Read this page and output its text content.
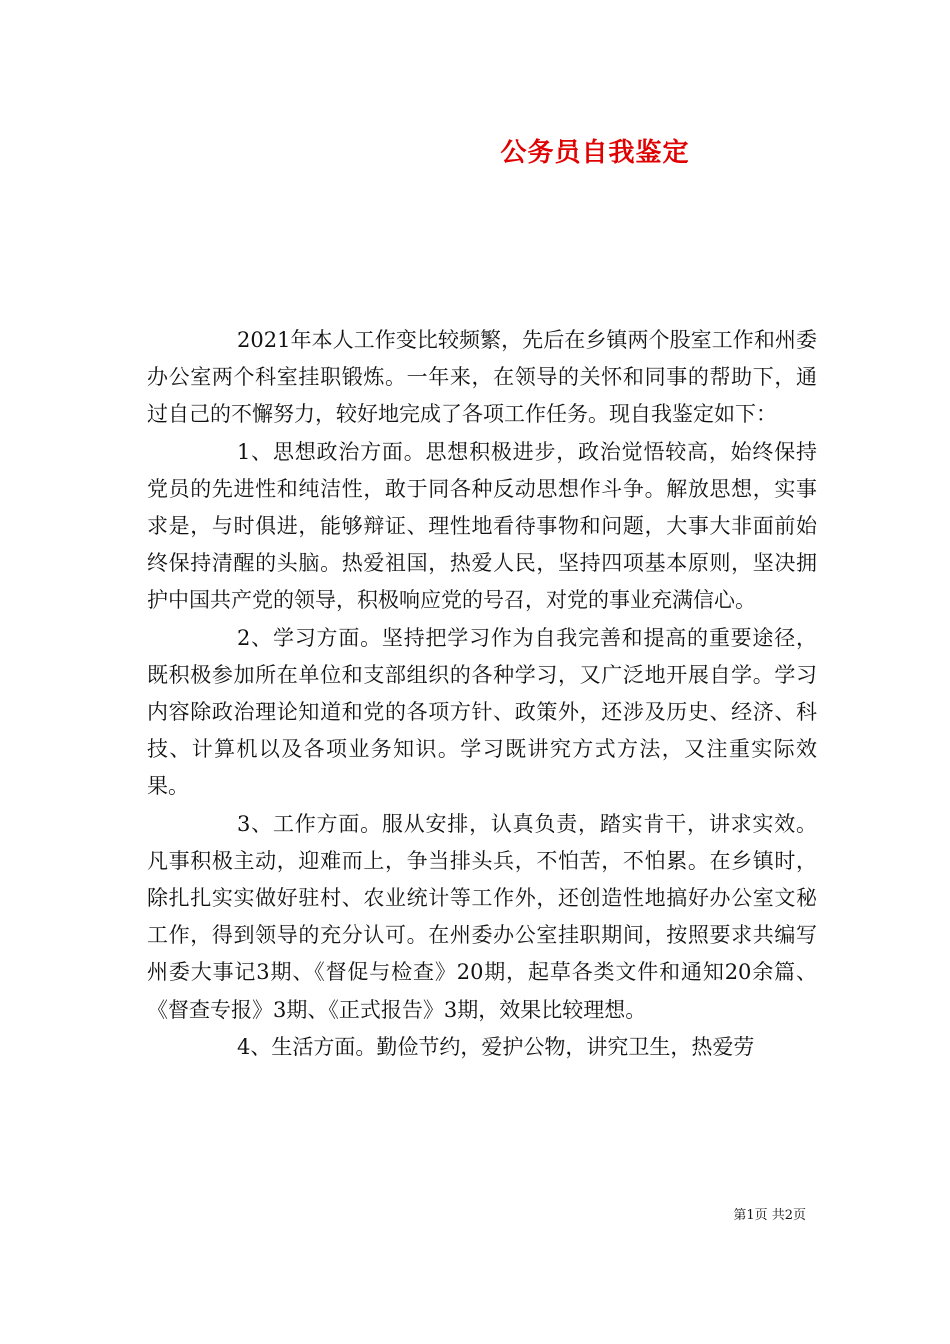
公务员自我鉴定

2021年本人工作变比较频繁，先后在乡镇两个股室工作和州委办公室两个科室挂职锻炼。一年来，在领导的关怀和同事的帮助下，通过自己的不懈努力，较好地完成了各项工作任务。现自我鉴定如下：

1、思想政治方面。思想积极进步，政治觉悟较高，始终保持党员的先进性和纯洁性，敢于同各种反动思想作斗争。解放思想，实事求是，与时俱进，能够辩证、理性地看待事物和问题，大事大非面前始终保持清醒的头脑。热爱祖国，热爱人民，坚持四项基本原则，坚决拥护中国共产党的领导，积极响应党的号召，对党的事业充满信心。

2、学习方面。坚持把学习作为自我完善和提高的重要途径，既积极参加所在单位和支部组织的各种学习，又广泛地开展自学。学习内容除政治理论知道和党的各项方针、政策外，还涉及历史、经济、科技、计算机以及各项业务知识。学习既讲究方式方法，又注重实际效果。

3、工作方面。服从安排，认真负责，踏实肯干，讲求实效。凡事积极主动，迎难而上，争当排头兵，不怕苦，不怕累。在乡镇时，除扎扎实实做好驻村、农业统计等工作外，还创造性地搞好办公室文秘工作，得到领导的充分认可。在州委办公室挂职期间，按照要求共编写州委大事记3期、《督促与检查》20期，起草各类文件和通知20余篇、《督查专报》3期、《正式报告》3期，效果比较理想。

4、生活方面。勤俭节约，爱护公物，讲究卫生，热爱劳

第1页 共2页
